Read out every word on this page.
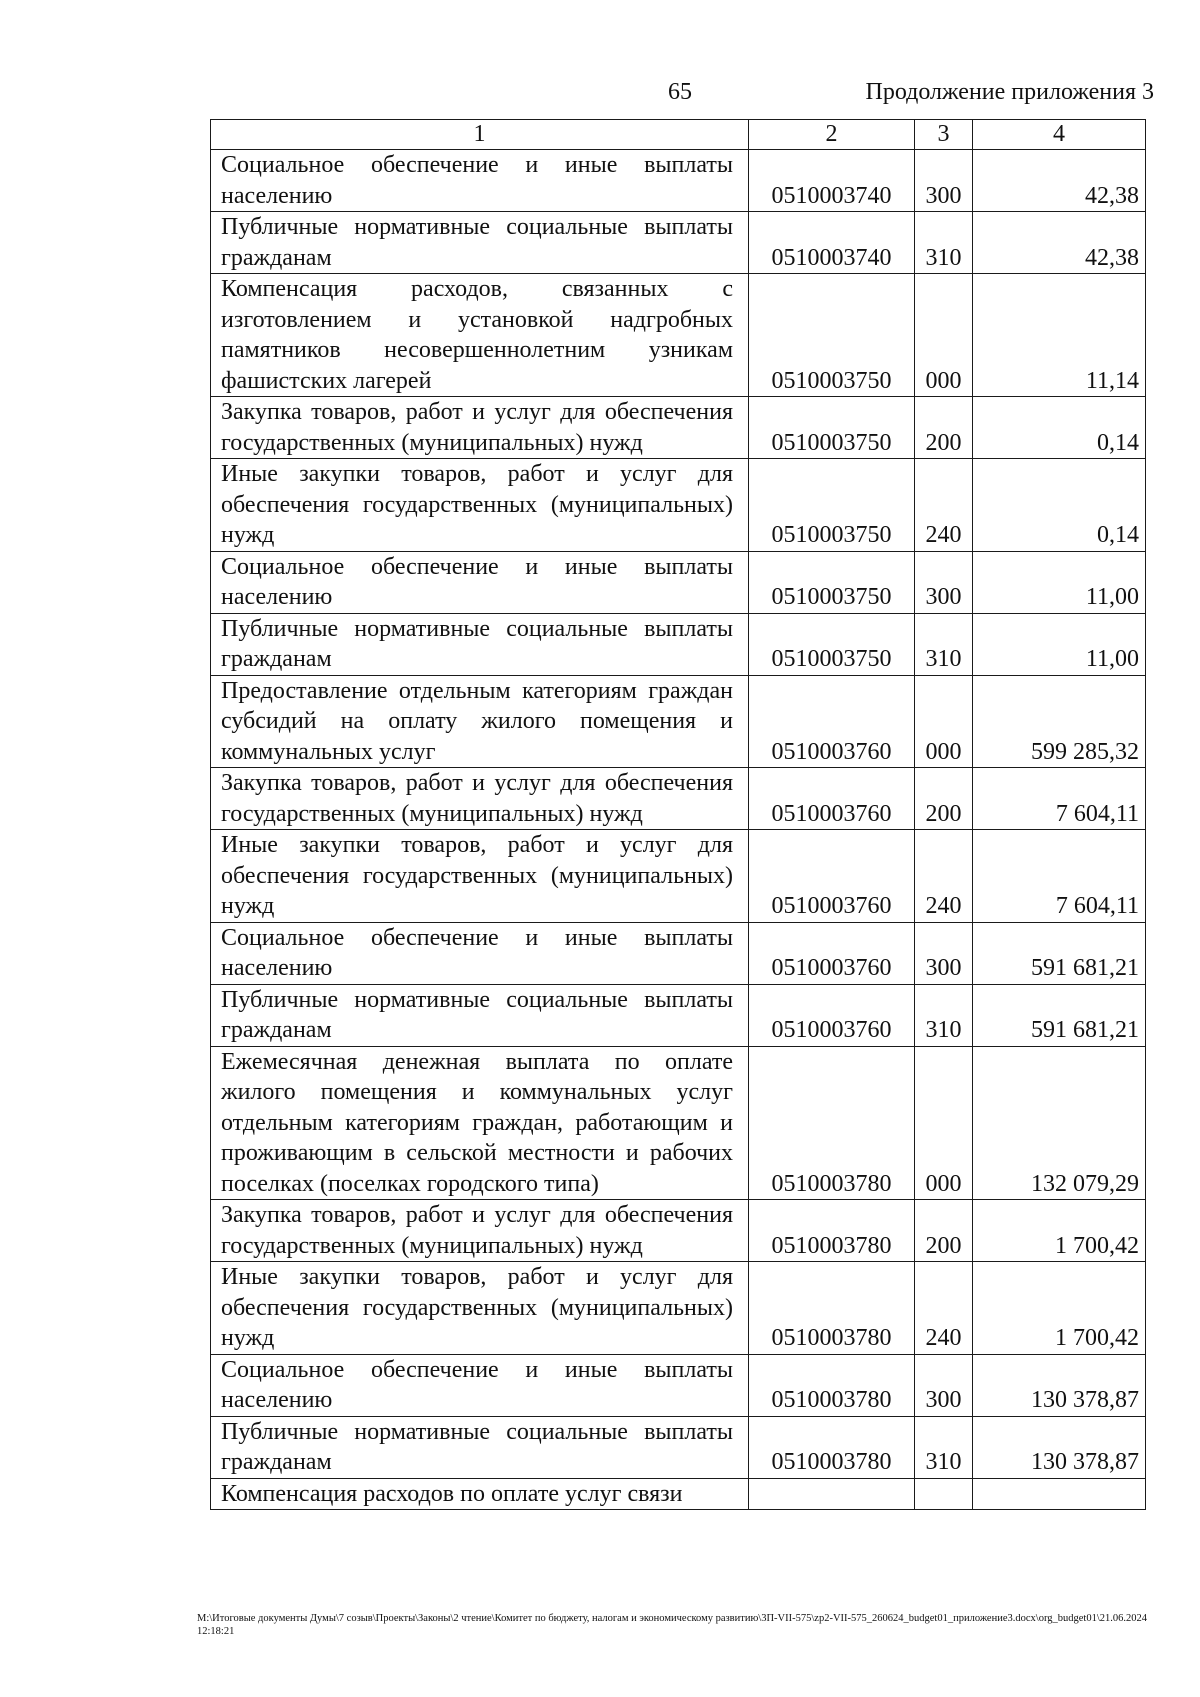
65	Продолжение приложения 3
1	2	3	4
Социальное обеспечение и иные выплаты населению	0510003740	300	42,38
Публичные нормативные социальные выплаты гражданам	0510003740	310	42,38
Компенсация расходов, связанных с изготовлением и установкой надгробных памятников несовершеннолетним узникам фашистских лагерей	0510003750	000	11,14
Закупка товаров, работ и услуг для обеспечения государственных (муниципальных) нужд	0510003750	200	0,14
Иные закупки товаров, работ и услуг для обеспечения государственных (муниципальных) нужд	0510003750	240	0,14
Социальное обеспечение и иные выплаты населению	0510003750	300	11,00
Публичные нормативные социальные выплаты гражданам	0510003750	310	11,00
Предоставление отдельным категориям граждан субсидий на оплату жилого помещения и коммунальных услуг	0510003760	000	599 285,32
Закупка товаров, работ и услуг для обеспечения государственных (муниципальных) нужд	0510003760	200	7 604,11
Иные закупки товаров, работ и услуг для обеспечения государственных (муниципальных) нужд	0510003760	240	7 604,11
Социальное обеспечение и иные выплаты населению	0510003760	300	591 681,21
Публичные нормативные социальные выплаты гражданам	0510003760	310	591 681,21
Ежемесячная денежная выплата по оплате жилого помещения и коммунальных услуг отдельным категориям граждан, работающим и проживающим в сельской местности и рабочих поселках (поселках городского типа)	0510003780	000	132 079,29
Закупка товаров, работ и услуг для обеспечения государственных (муниципальных) нужд	0510003780	200	1 700,42
Иные закупки товаров, работ и услуг для обеспечения государственных (муниципальных) нужд	0510003780	240	1 700,42
Социальное обеспечение и иные выплаты населению	0510003780	300	130 378,87
Публичные нормативные социальные выплаты гражданам	0510003780	310	130 378,87
Компенсация расходов по оплате услуг связи			
M:\Итоговые документы Думы\7 созыв\Проекты\Законы\2 чтение\Комитет по бюджету, налогам и экономическому развитию\3П-VII-575\zp2-VII-575_260624_budget01_приложение3.docx\org_budget01\21.06.2024 12:18:21
